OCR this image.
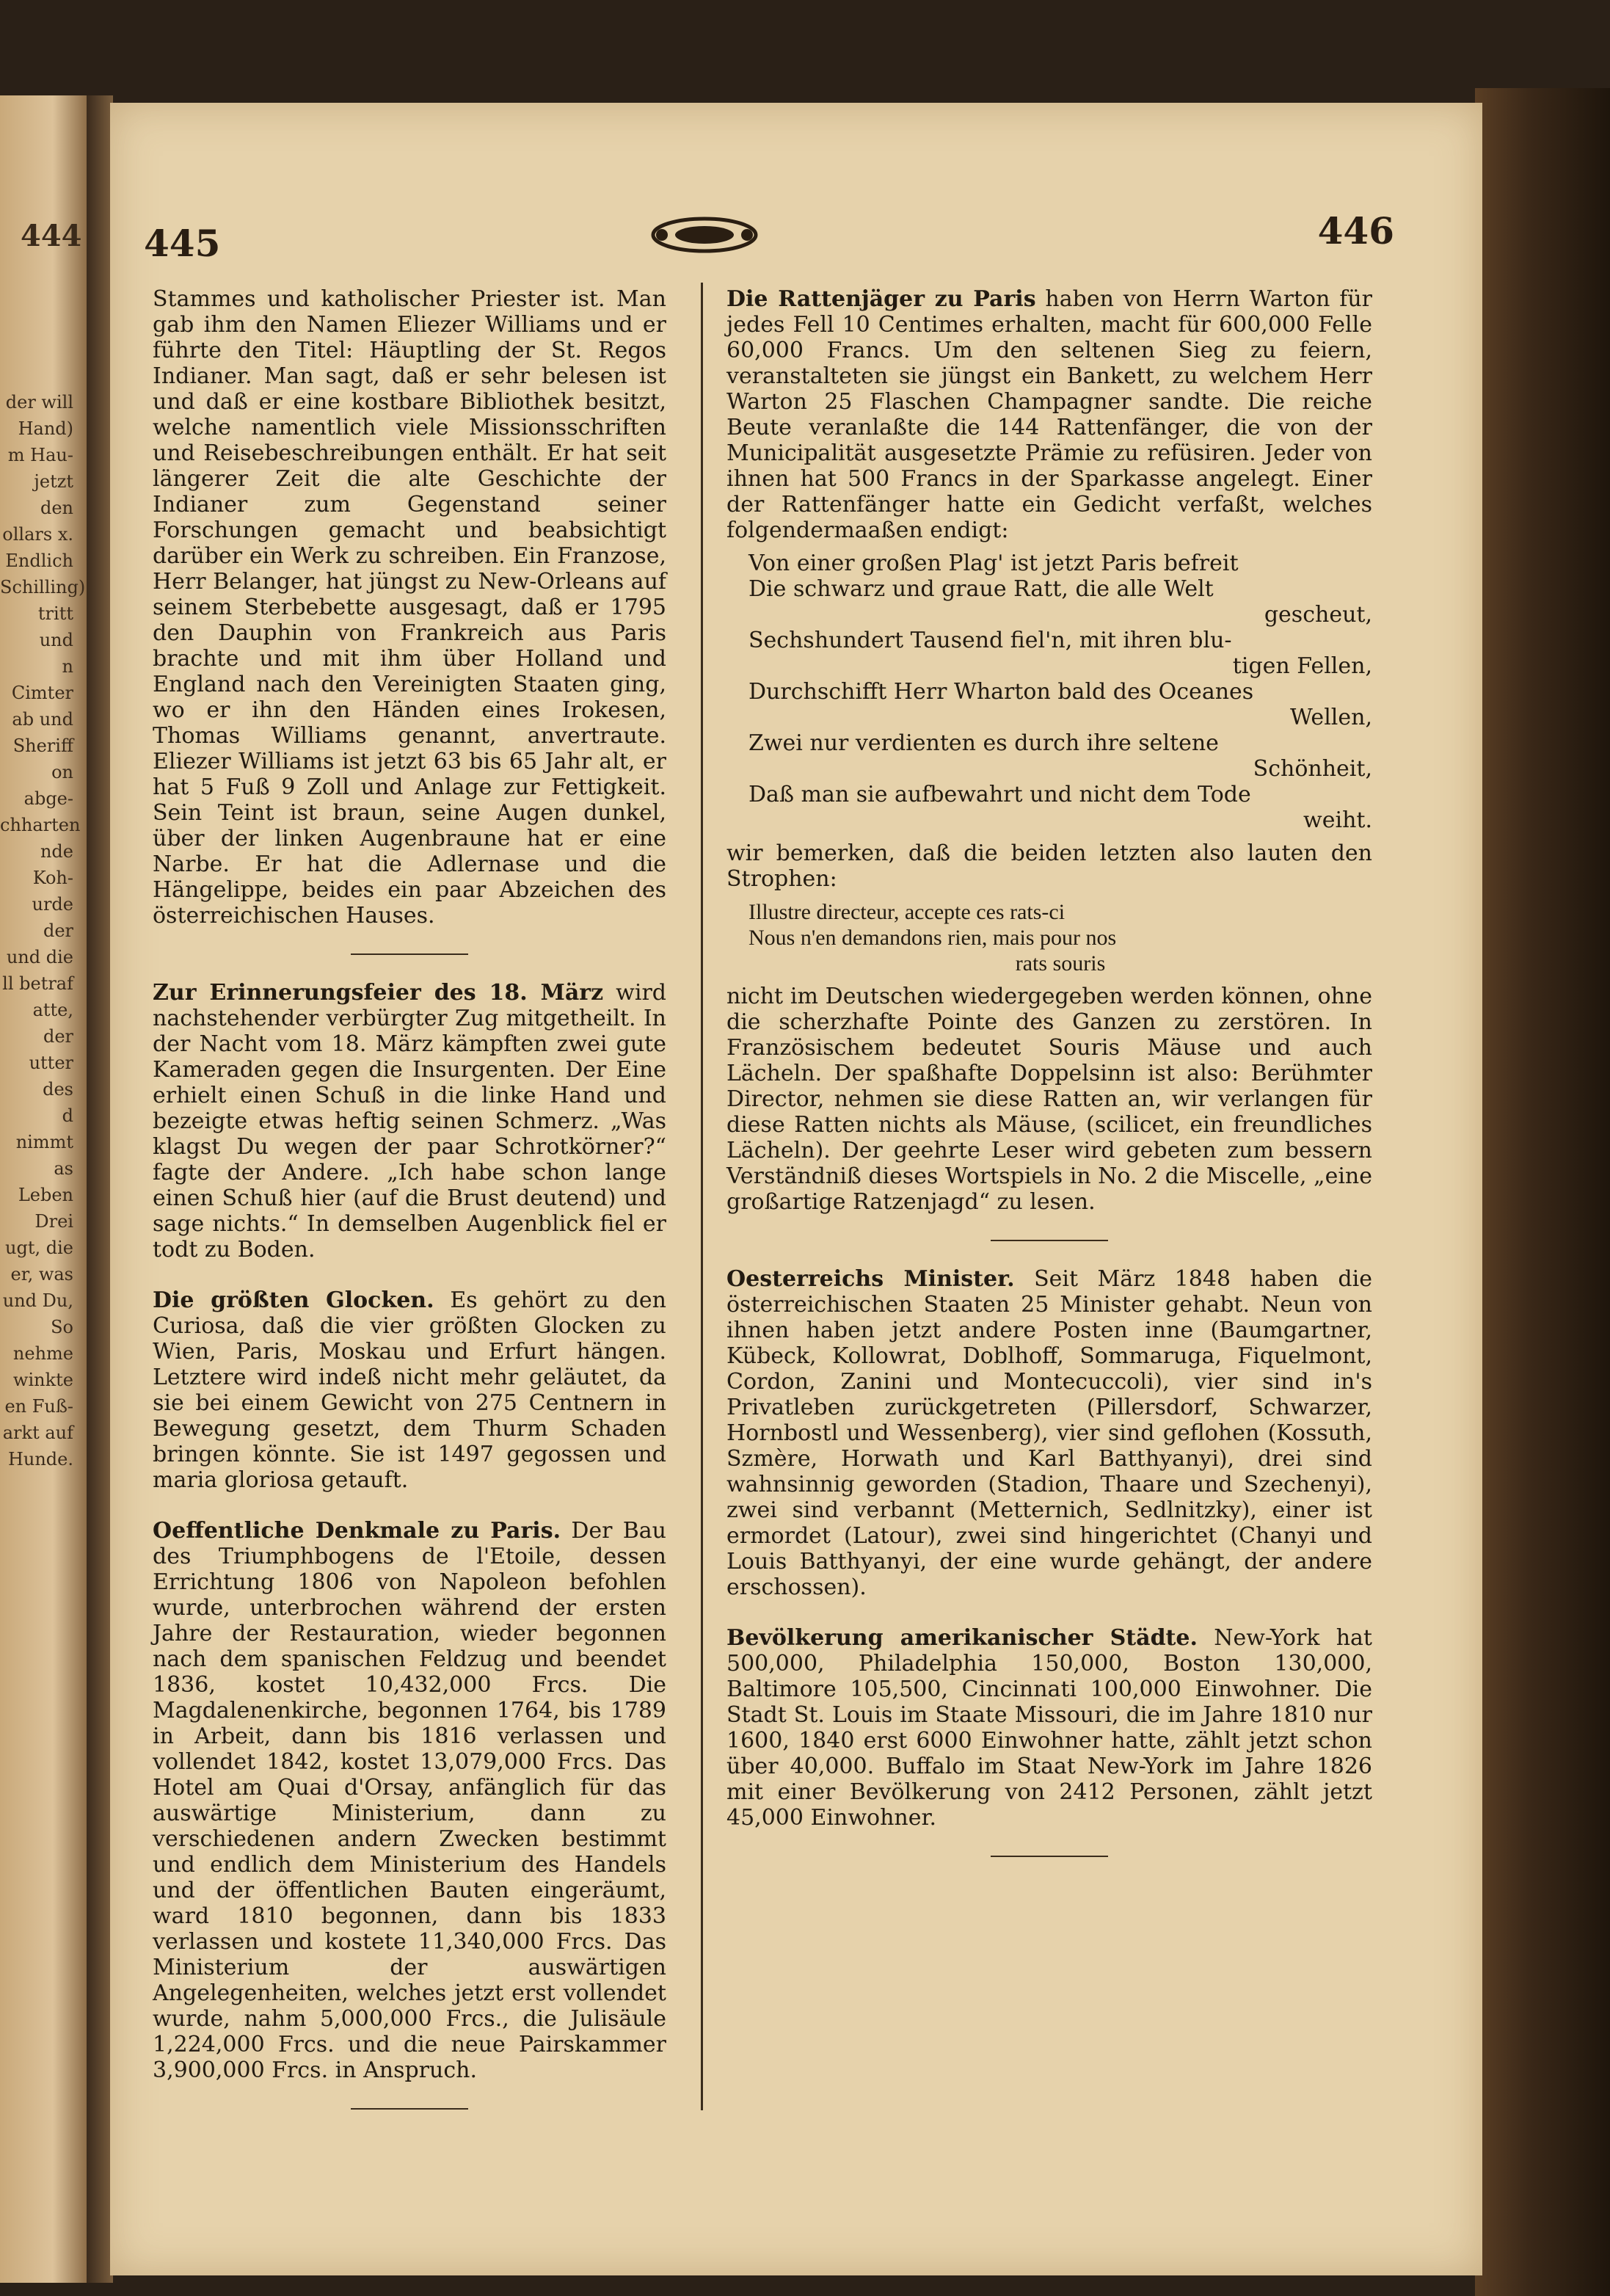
444
der will
Hand)
m Hau-
jetzt den
ollars x.
Endlich
Schilling)
tritt und
n Cimter
ab und
Sheriff
on abge-
chharten
nde Koh-
urde der
und die
ll betraf
atte, der
utter des
d nimmt
as Leben
Drei
ugt, die
er, was
und Du,
So nehme
winkte
en Fuß-
arkt auf
Hunde.
445	446

Stammes und katholischer Priester ist. Man gab ihm den Namen Eliezer Williams und er führte den Titel: Häuptling der St. Regos Indianer. Man sagt, daß er sehr belesen ist und daß er eine kostbare Bibliothek besitzt, welche namentlich viele Missionsschriften und Reisebeschreibungen enthält. Er hat seit längerer Zeit die alte Geschichte der Indianer zum Gegenstand seiner Forschungen gemacht und beabsichtigt darüber ein Werk zu schreiben. Ein Franzose, Herr Belanger, hat jüngst zu New-Orleans auf seinem Sterbebette ausgesagt, daß er 1795 den Dauphin von Frankreich aus Paris brachte und mit ihm über Holland und England nach den Vereinigten Staaten ging, wo er ihn den Händen eines Irokesen, Thomas Williams genannt, anvertraute. Eliezer Williams ist jetzt 63 bis 65 Jahr alt, er hat 5 Fuß 9 Zoll und Anlage zur Fettigkeit. Sein Teint ist braun, seine Augen dunkel, über der linken Augenbraune hat er eine Narbe. Er hat die Adlernase und die Hängelippe, beides ein paar Abzeichen des österreichischen Hauses.

Zur Erinnerungsfeier des 18. März wird nachstehender verbürgter Zug mitgetheilt. In der Nacht vom 18. März kämpften zwei gute Kameraden gegen die Insurgenten. Der Eine erhielt einen Schuß in die linke Hand und bezeigte etwas heftig seinen Schmerz. „Was klagst Du wegen der paar Schrotkörner?“ fagte der Andere. „Ich habe schon lange einen Schuß hier (auf die Brust deutend) und sage nichts.“ In demselben Augenblick fiel er todt zu Boden.

Die größten Glocken. Es gehört zu den Curiosa, daß die vier größten Glocken zu Wien, Paris, Moskau und Erfurt hängen. Letztere wird indeß nicht mehr geläutet, da sie bei einem Gewicht von 275 Centnern in Bewegung gesetzt, dem Thurm Schaden bringen könnte. Sie ist 1497 gegossen und maria gloriosa getauft.

Oeffentliche Denkmale zu Paris. Der Bau des Triumphbogens de l'Etoile, dessen Errichtung 1806 von Napoleon befohlen wurde, unterbrochen während der ersten Jahre der Restauration, wieder begonnen nach dem spanischen Feldzug und beendet 1836, kostet 10,432,000 Frcs. Die Magdalenenkirche, begonnen 1764, bis 1789 in Arbeit, dann bis 1816 verlassen und vollendet 1842, kostet 13,079,000 Frcs. Das Hotel am Quai d'Orsay, anfänglich für das auswärtige Ministerium, dann zu verschiedenen andern Zwecken bestimmt und endlich dem Ministerium des Handels und der öffentlichen Bauten eingeräumt, ward 1810 begonnen, dann bis 1833 verlassen und kostete 11,340,000 Frcs. Das Ministerium der auswärtigen Angelegenheiten, welches jetzt erst vollendet wurde, nahm 5,000,000 Frcs., die Julisäule 1,224,000 Frcs. und die neue Pairskammer 3,900,000 Frcs. in Anspruch.

Die Rattenjäger zu Paris haben von Herrn Warton für jedes Fell 10 Centimes erhalten, macht für 600,000 Felle 60,000 Francs. Um den seltenen Sieg zu feiern, veranstalteten sie jüngst ein Bankett, zu welchem Herr Warton 25 Flaschen Champagner sandte. Die reiche Beute veranlaßte die 144 Rattenfänger, die von der Municipalität ausgesetzte Prämie zu refüsiren. Jeder von ihnen hat 500 Francs in der Sparkasse angelegt. Einer der Rattenfänger hatte ein Gedicht verfaßt, welches folgendermaaßen endigt:

Von einer großen Plag' ist jetzt Paris befreit
Die schwarz und graue Ratt, die alle Welt
gescheut,
Sechshundert Tausend fiel'n, mit ihren blu-
tigen Fellen,
Durchschifft Herr Wharton bald des Oceanes
Wellen,
Zwei nur verdienten es durch ihre seltene
Schönheit,
Daß man sie aufbewahrt und nicht dem Tode
weiht.

wir bemerken, daß die beiden letzten also lauten den Strophen:

Illustre directeur, accepte ces rats-ci
Nous n'en demandons rien, mais pour nos
rats souris

nicht im Deutschen wiedergegeben werden können, ohne die scherzhafte Pointe des Ganzen zu zerstören. In Französischem bedeutet Souris Mäuse und auch Lächeln. Der spaßhafte Doppelsinn ist also: Berühmter Director, nehmen sie diese Ratten an, wir verlangen für diese Ratten nichts als Mäuse, (scilicet, ein freundliches Lächeln). Der geehrte Leser wird gebeten zum bessern Verständniß dieses Wortspiels in No. 2 die Miscelle, „eine großartige Ratzenjagd“ zu lesen.

Oesterreichs Minister. Seit März 1848 haben die österreichischen Staaten 25 Minister gehabt. Neun von ihnen haben jetzt andere Posten inne (Baumgartner, Kübeck, Kollowrat, Doblhoff, Sommaruga, Fiquelmont, Cordon, Zanini und Montecuccoli), vier sind in's Privatleben zurückgetreten (Pillersdorf, Schwarzer, Hornbostl und Wessenberg), vier sind geflohen (Kossuth, Szmère, Horwath und Karl Batthyanyi), drei sind wahnsinnig geworden (Stadion, Thaare und Szechenyi), zwei sind verbannt (Metternich, Sedlnitzky), einer ist ermordet (Latour), zwei sind hingerichtet (Chanyi und Louis Batthyanyi, der eine wurde gehängt, der andere erschossen).

Bevölkerung amerikanischer Städte. New-York hat 500,000, Philadelphia 150,000, Boston 130,000, Baltimore 105,500, Cincinnati 100,000 Einwohner. Die Stadt St. Louis im Staate Missouri, die im Jahre 1810 nur 1600, 1840 erst 6000 Einwohner hatte, zählt jetzt schon über 40,000. Buffalo im Staat New-York im Jahre 1826 mit einer Bevölkerung von 2412 Personen, zählt jetzt 45,000 Einwohner.
